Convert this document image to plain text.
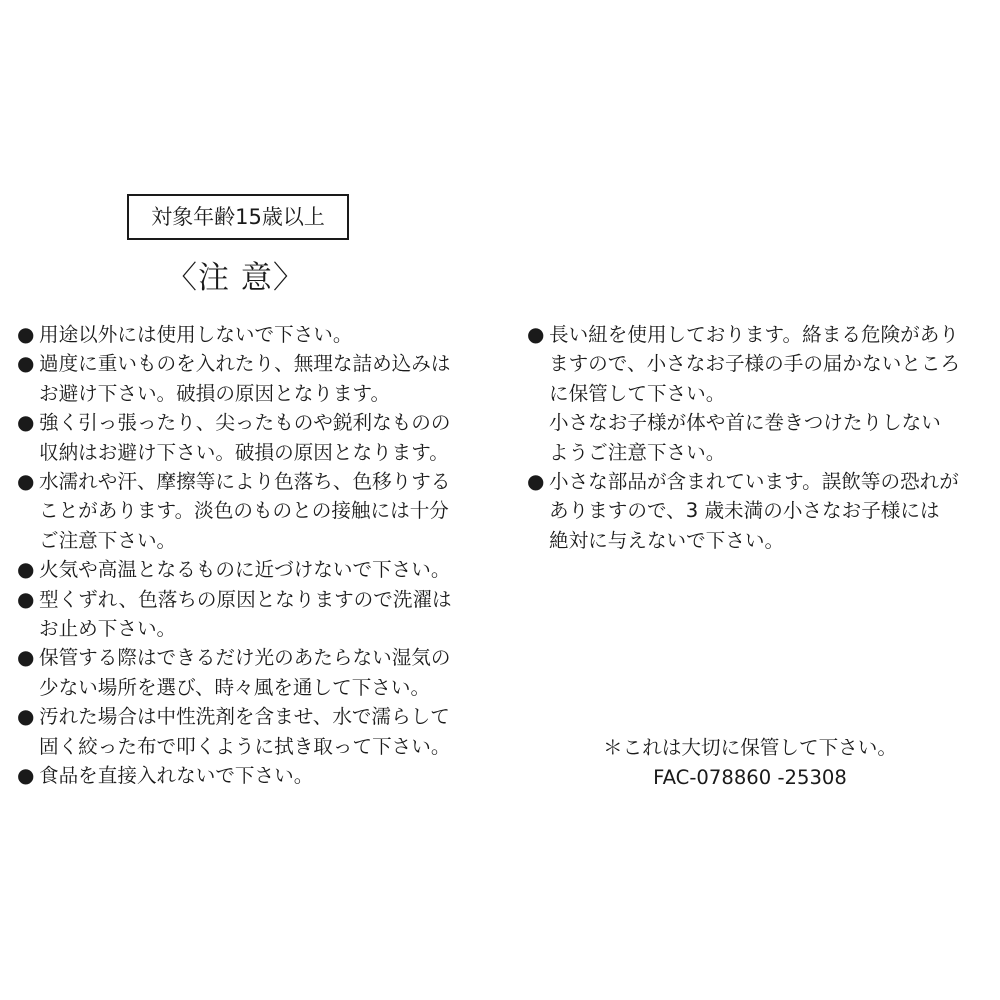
対象年齢15歳以上
〈注 意〉
● 用途以外には使用しないで下さい。
● 過度に重いものを入れたり、無理な詰め込みは
お避け下さい。破損の原因となります。
● 強く引っ張ったり、尖ったものや鋭利なものの
収納はお避け下さい。破損の原因となります。
● 水濡れや汗、摩擦等により色落ち、色移りする
ことがあります。淡色のものとの接触には十分
ご注意下さい。
● 火気や高温となるものに近づけないで下さい。
● 型くずれ、色落ちの原因となりますので洗濯は
お止め下さい。
● 保管する際はできるだけ光のあたらない湿気の
少ない場所を選び、時々風を通して下さい。
● 汚れた場合は中性洗剤を含ませ、水で濡らして
固く絞った布で叩くように拭き取って下さい。
● 食品を直接入れないで下さい。
● 長い紐を使用しております。絡まる危険があり
ますので、小さなお子様の手の届かないところ
に保管して下さい。
小さなお子様が体や首に巻きつけたりしない
ようご注意下さい。
● 小さな部品が含まれています。誤飲等の恐れが
ありますので、3 歳未満の小さなお子様には
絶対に与えないで下さい。
＊これは大切に保管して下さい。
FAC-078860 -25308
